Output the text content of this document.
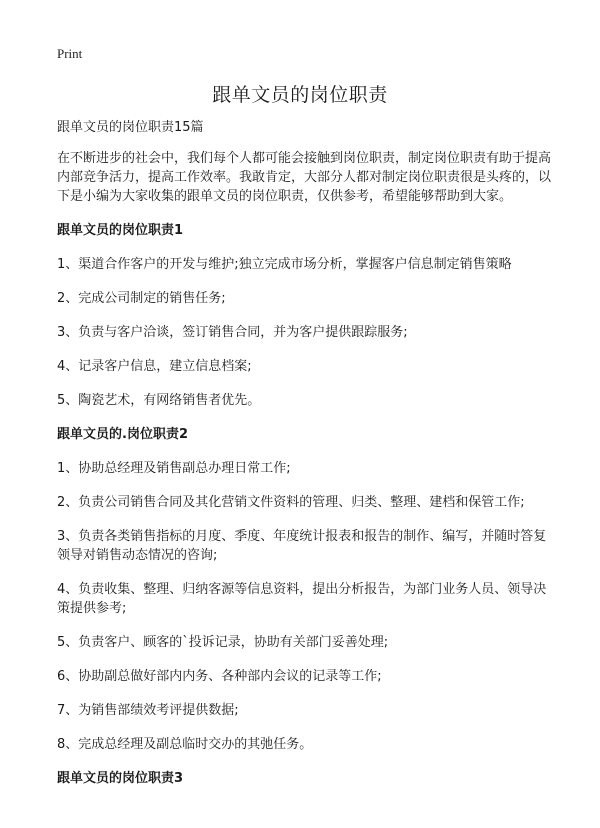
Print
跟单文员的岗位职责

跟单文员的岗位职责15篇

在不断进步的社会中，我们每个人都可能会接触到岗位职责，制定岗位职责有助于提高内部竞争活力，提高工作效率。我敢肯定，大部分人都对制定岗位职责很是头疼的，以下是小编为大家收集的跟单文员的岗位职责，仅供参考，希望能够帮助到大家。

跟单文员的岗位职责1

1、渠道合作客户的开发与维护;独立完成市场分析，掌握客户信息制定销售策略

2、完成公司制定的销售任务;

3、负责与客户洽谈，签订销售合同，并为客户提供跟踪服务;

4、记录客户信息，建立信息档案;

5、陶瓷艺术，有网络销售者优先。

跟单文员的.岗位职责2

1、协助总经理及销售副总办理日常工作;

2、负责公司销售合同及其化营销文件资料的管理、归类、整理、建档和保管工作;

3、负责各类销售指标的月度、季度、年度统计报表和报告的制作、编写，并随时答复领导对销售动态情况的咨询;

4、负责收集、整理、归纳客源等信息资料，提出分析报告，为部门业务人员、领导决策提供参考;

5、负责客户、顾客的`投诉记录，协助有关部门妥善处理;

6、协助副总做好部内内务、各种部内会议的记录等工作;

7、为销售部绩效考评提供数据;

8、完成总经理及副总临时交办的其弛任务。

跟单文员的岗位职责3
